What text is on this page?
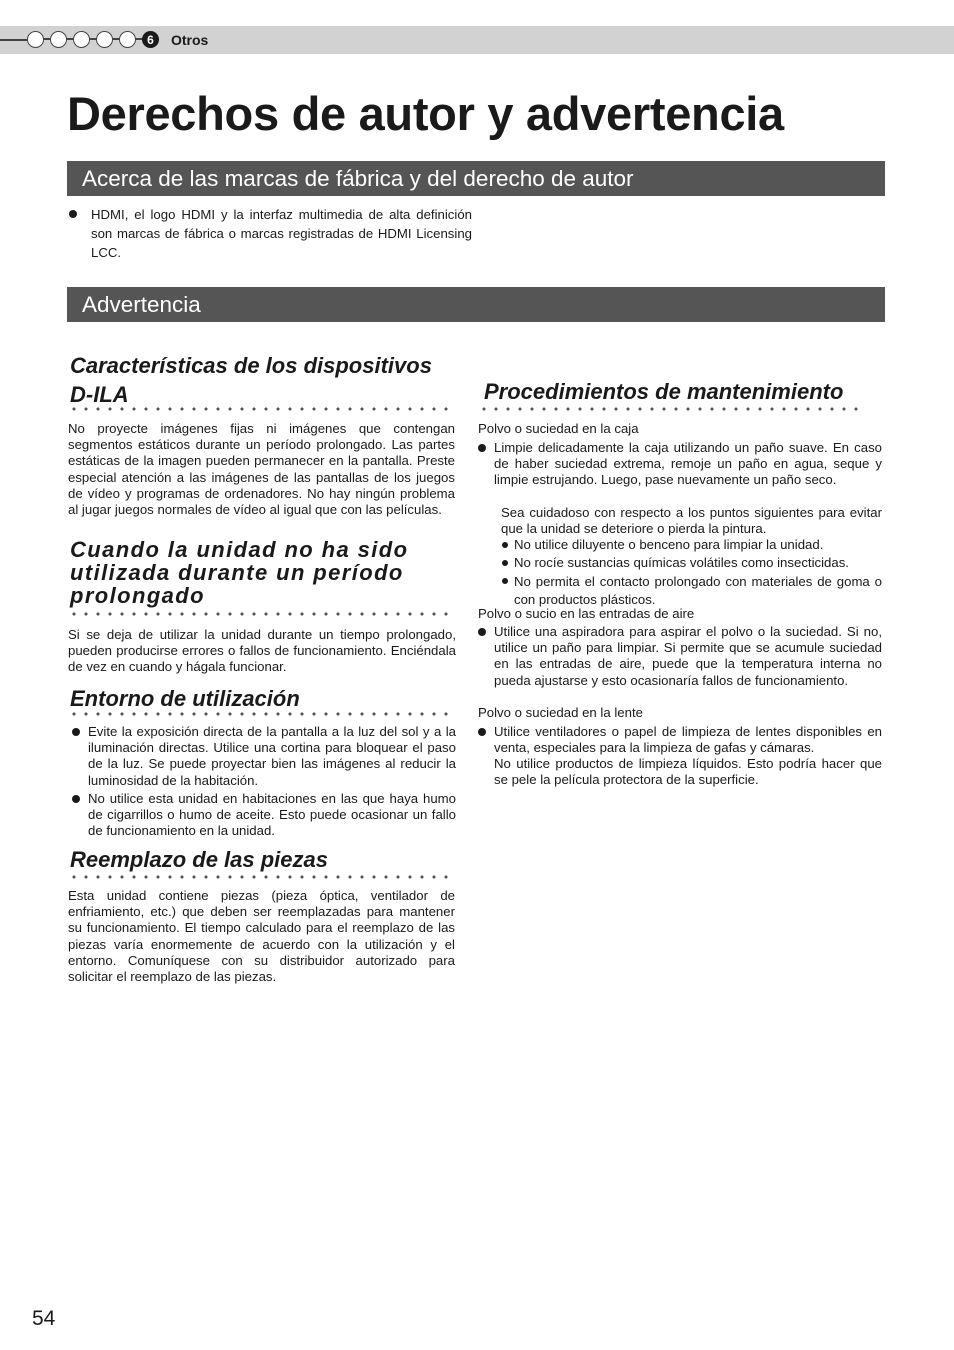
6	Otros
Derechos de autor y advertencia
Acerca de las marcas de fábrica y del derecho de autor
HDMI, el logo HDMI y la interfaz multimedia de alta definición son marcas de fábrica o marcas registradas de HDMI Licensing LCC.
Advertencia
Características de los dispositivos
D-ILA

No proyecte imágenes fijas ni imágenes que contengan segmentos estáticos durante un período prolongado. Las partes estáticas de la imagen pueden permanecer en la pantalla. Preste especial atención a las imágenes de las pantallas de los juegos de vídeo y programas de ordenadores. No hay ningún problema al jugar juegos normales de vídeo al igual que con las películas.

Cuando la unidad no ha sido
utilizada durante un período
prolongado

Si se deja de utilizar la unidad durante un tiempo prolongado, pueden producirse errores o fallos de funcionamiento. Enciéndala de vez en cuando y hágala funcionar.

Entorno de utilización
Evite la exposición directa de la pantalla a la luz del sol y a la iluminación directas. Utilice una cortina para bloquear el paso de la luz. Se puede proyectar bien las imágenes al reducir la luminosidad de la habitación.
No utilice esta unidad en habitaciones en las que haya humo de cigarrillos o humo de aceite. Esto puede ocasionar un fallo de funcionamiento en la unidad.
Reemplazo de las piezas

Esta unidad contiene piezas (pieza óptica, ventilador de enfriamiento, etc.) que deben ser reemplazadas para mantener su funcionamiento. El tiempo calculado para el reemplazo de las piezas varía enormemente de acuerdo con la utilización y el entorno. Comuníquese con su distribuidor autorizado para solicitar el reemplazo de las piezas.

Procedimientos de mantenimiento

Polvo o suciedad en la caja

Limpie delicadamente la caja utilizando un paño suave. En caso de haber suciedad extrema, remoje un paño en agua, seque y limpie estrujando. Luego, pase nuevamente un paño seco.

Sea cuidadoso con respecto a los puntos siguientes para evitar que la unidad se deteriore o pierda la pintura.

No utilice diluyente o benceno para limpiar la unidad.
No rocíe sustancias químicas volátiles como insecticidas.
No permita el contacto prolongado con materiales de goma o con productos plásticos.

Polvo o sucio en las entradas de aire

Utilice una aspiradora para aspirar el polvo o la suciedad. Si no, utilice un paño para limpiar. Si permite que se acumule suciedad en las entradas de aire, puede que la temperatura interna no pueda ajustarse y esto ocasionaría fallos de funcionamiento.

Polvo o suciedad en la lente

Utilice ventiladores o papel de limpieza de lentes disponibles en venta, especiales para la limpieza de gafas y cámaras.

No utilice productos de limpieza líquidos. Esto podría hacer que se pele la película protectora de la superficie.

54
